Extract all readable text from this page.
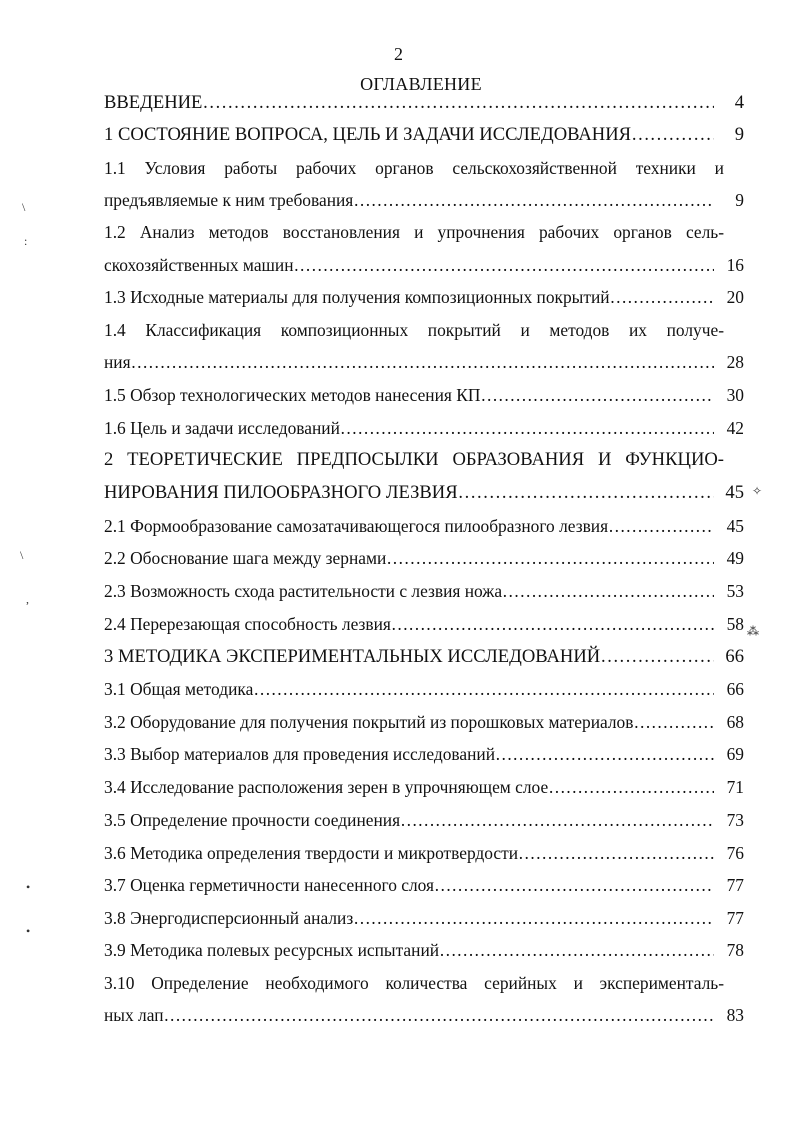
2
ОГЛАВЛЕНИЕ
ВВЕДЕНИЕ ……………………………………………………………………………………………………………………………………………………………………………………	4
1 СОСТОЯНИЕ ВОПРОСА, ЦЕЛЬ И ЗАДАЧИ ИССЛЕДОВАНИЯ ……………………………………………………………………………………………………………………………………………………………………………………	9
1.1 Условия работы рабочих органов сельскохозяйственной техники и
предъявляемые к ним требования ……………………………………………………………………………………………………………………………………………………………………………………	9
1.2 Анализ методов восстановления и упрочнения рабочих органов сель-
скохозяйственных машин ……………………………………………………………………………………………………………………………………………………………………………………	16
1.3 Исходные материалы для получения композиционных покрытий ……………………………………………………………………………………………………………………………………………………………………………………	20
1.4 Классификация композиционных покрытий и методов их получе-
ния ……………………………………………………………………………………………………………………………………………………………………………………	28
1.5 Обзор технологических методов нанесения КП ……………………………………………………………………………………………………………………………………………………………………………………	30
1.6 Цель и задачи исследований ……………………………………………………………………………………………………………………………………………………………………………………	42
2 ТЕОРЕТИЧЕСКИЕ ПРЕДПОСЫЛКИ ОБРАЗОВАНИЯ И ФУНКЦИО-
НИРОВАНИЯ ПИЛООБРАЗНОГО ЛЕЗВИЯ ……………………………………………………………………………………………………………………………………………………………………………………	45
2.1 Формообразование самозатачивающегося пилообразного лезвия ……………………………………………………………………………………………………………………………………………………………………………………	45
2.2 Обоснование шага между зернами ……………………………………………………………………………………………………………………………………………………………………………………	49
2.3 Возможность схода растительности с лезвия ножа ……………………………………………………………………………………………………………………………………………………………………………………	53
2.4 Перерезающая способность лезвия ……………………………………………………………………………………………………………………………………………………………………………………	58
3 МЕТОДИКА ЭКСПЕРИМЕНТАЛЬНЫХ ИССЛЕДОВАНИЙ ……………………………………………………………………………………………………………………………………………………………………………………	66
3.1 Общая методика ……………………………………………………………………………………………………………………………………………………………………………………	66
3.2 Оборудование для получения покрытий из порошковых материалов ……………………………………………………………………………………………………………………………………………………………………………………	68
3.3 Выбор материалов для проведения исследований ……………………………………………………………………………………………………………………………………………………………………………………	69
3.4 Исследование расположения зерен в упрочняющем слое ……………………………………………………………………………………………………………………………………………………………………………………	71
3.5 Определение прочности соединения ……………………………………………………………………………………………………………………………………………………………………………………	73
3.6 Методика определения твердости и микротвердости ……………………………………………………………………………………………………………………………………………………………………………………	76
3.7 Оценка герметичности нанесенного слоя ……………………………………………………………………………………………………………………………………………………………………………………	77
3.8 Энергодисперсионный анализ ……………………………………………………………………………………………………………………………………………………………………………………	77
3.9 Методика полевых ресурсных испытаний ……………………………………………………………………………………………………………………………………………………………………………………	78
3.10 Определение необходимого количества серийных и эксперименталь-
ных лап ……………………………………………………………………………………………………………………………………………………………………………………	83
\
:
\
,
•
•
✧
⁂
